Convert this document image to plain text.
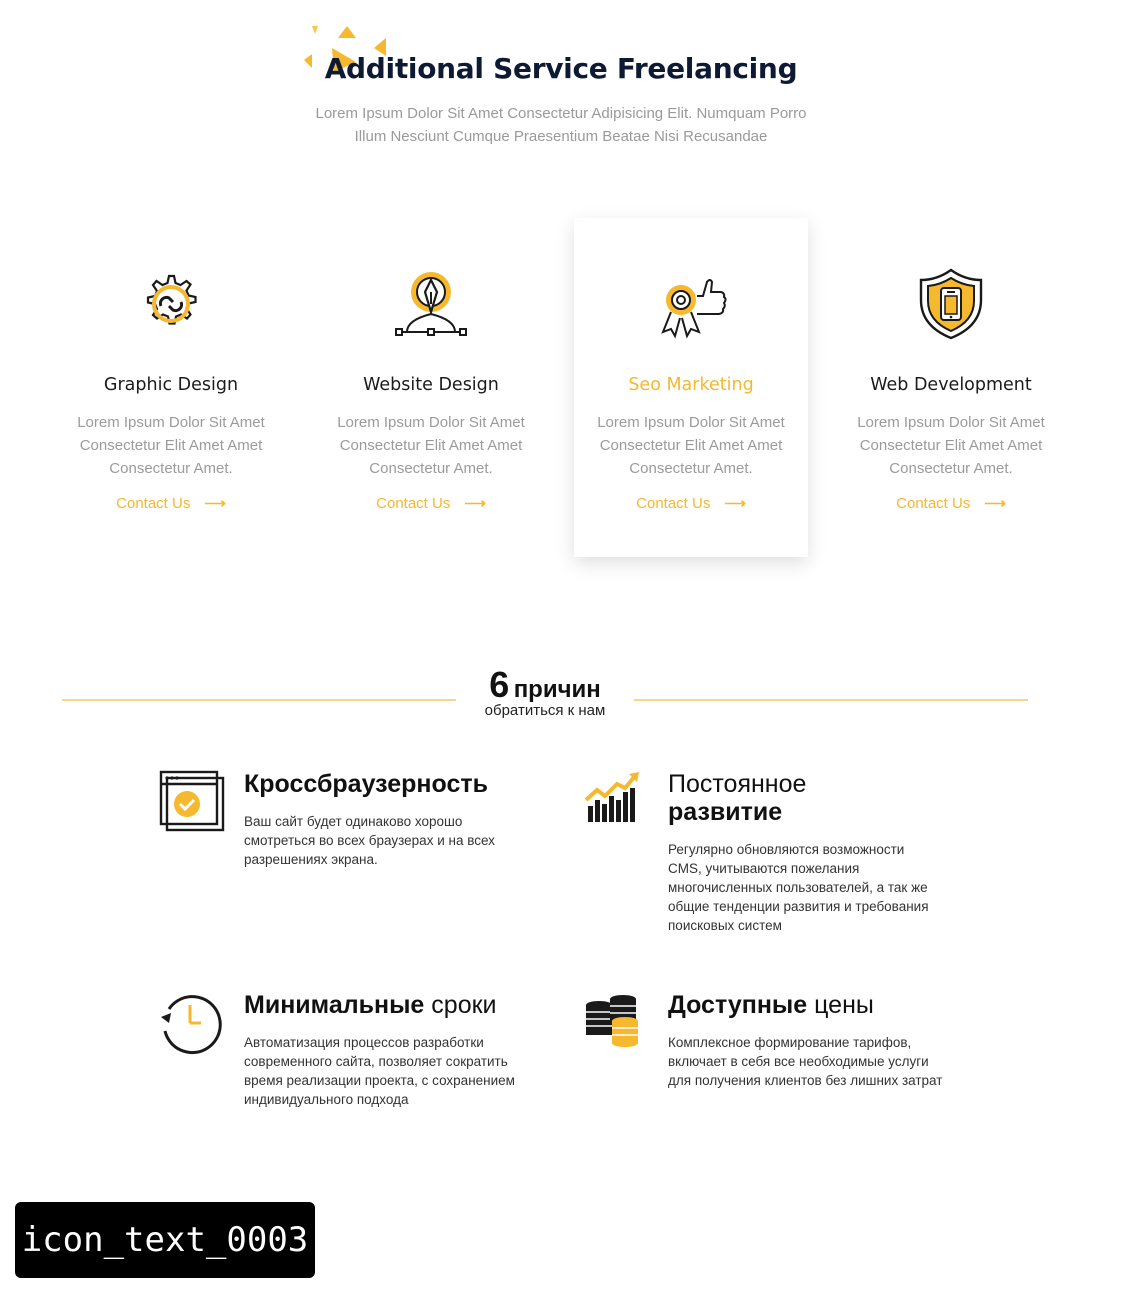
Additional Service Freelancing
Lorem Ipsum Dolor Sit Amet Consectetur Adipisicing Elit. Numquam Porro
Illum Nesciunt Cumque Praesentium Beatae Nisi Recusandae
Graphic Design
Lorem Ipsum Dolor Sit Amet
Consectetur Elit Amet Amet
Consectetur Amet.
Contact Us ⟶
Website Design
Lorem Ipsum Dolor Sit Amet
Consectetur Elit Amet Amet
Consectetur Amet.
Contact Us ⟶
Seo Marketing
Lorem Ipsum Dolor Sit Amet
Consectetur Elit Amet Amet
Consectetur Amet.
Contact Us ⟶
Web Development
Lorem Ipsum Dolor Sit Amet
Consectetur Elit Amet Amet
Consectetur Amet.
Contact Us ⟶
6 причин
обратиться к нам
Кроссбраузерность
Ваш сайт будет одинаково хорошо
смотреться во всех браузерах и на всех
разрешениях экрана.
Постоянное
развитие
Регулярно обновляются возможности
CMS, учитываются пожелания
многочисленных пользователей, а так же
общие тенденции развития и требования
поисковых систем
Минимальные сроки
Автоматизация процессов разработки
современного сайта, позволяет сократить
время реализации проекта, с сохранением
индивидуального подхода
Доступные цены
Комплексное формирование тарифов,
включает в себя все необходимые услуги
для получения клиентов без лишних затрат
icon_text_0003
